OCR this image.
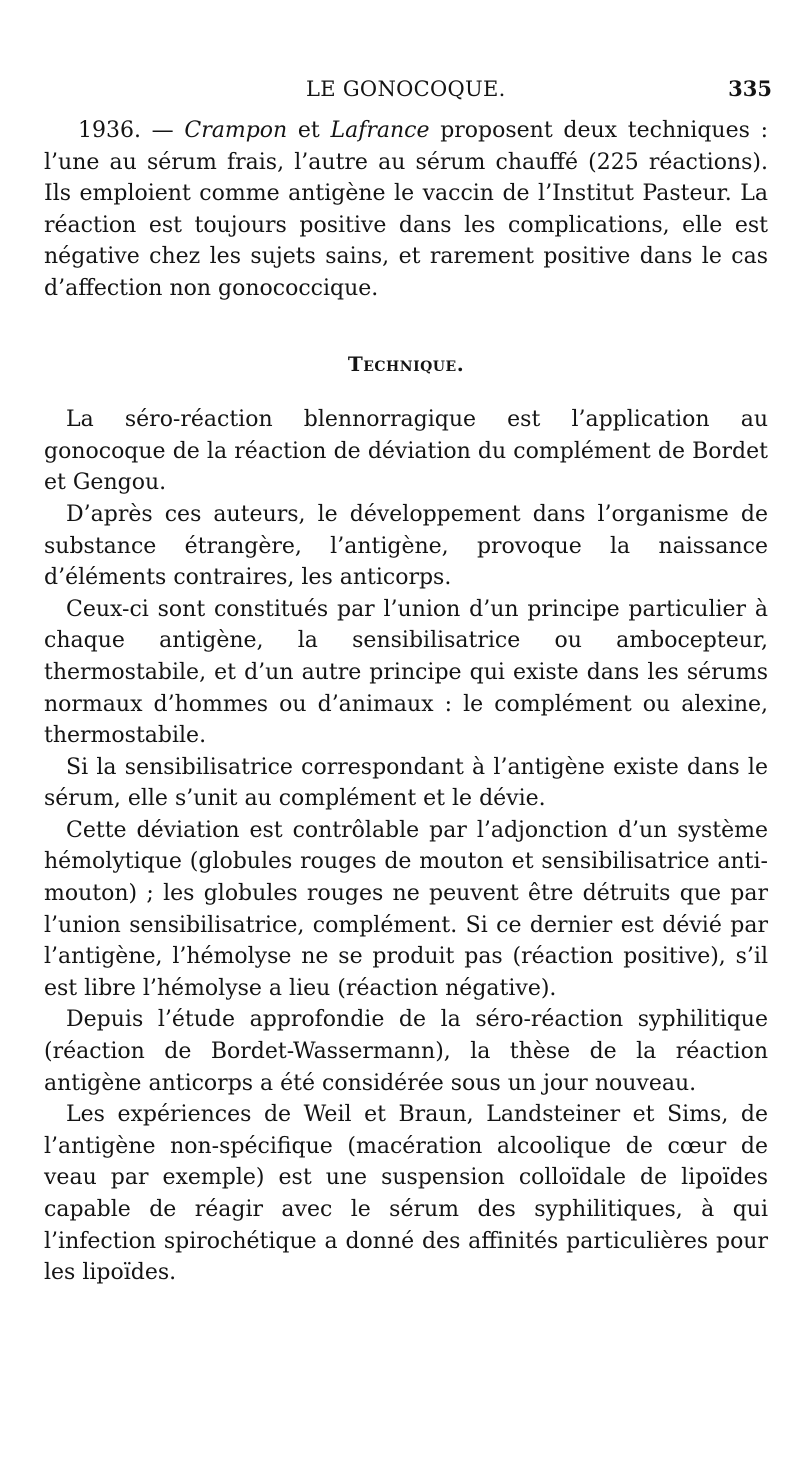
LE GONOCOQUE.	335

1936. — Crampon et Lafrance proposent deux techniques : l’une au sérum frais, l’autre au sérum chauffé (225 réactions). Ils emploient comme antigène le vaccin de l’Institut Pasteur. La réaction est toujours positive dans les complications, elle est négative chez les sujets sains, et rarement positive dans le cas d’affection non gonococcique.

Technique.

La séro-réaction blennorragique est l’application au gonocoque de la réaction de déviation du complément de Bordet et Gengou.

D’après ces auteurs, le développement dans l’organisme de substance étrangère, l’antigène, provoque la naissance d’éléments contraires, les anticorps.

Ceux-ci sont constitués par l’union d’un principe particulier à chaque antigène, la sensibilisatrice ou ambocepteur, thermostabile, et d’un autre principe qui existe dans les sérums normaux d’hommes ou d’animaux : le complément ou alexine, thermostabile.

Si la sensibilisatrice correspondant à l’antigène existe dans le sérum, elle s’unit au complément et le dévie.

Cette déviation est contrôlable par l’adjonction d’un système hémolytique (globules rouges de mouton et sensibilisatrice anti-mouton) ; les globules rouges ne peuvent être détruits que par l’union sensibilisatrice, complément. Si ce dernier est dévié par l’antigène, l’hémolyse ne se produit pas (réaction positive), s’il est libre l’hémolyse a lieu (réaction négative).

Depuis l’étude approfondie de la séro-réaction syphilitique (réaction de Bordet-Wassermann), la thèse de la réaction antigène anticorps a été considérée sous un jour nouveau.

Les expériences de Weil et Braun, Landsteiner et Sims, de l’antigène non-spécifique (macération alcoolique de cœur de veau par exemple) est une suspension colloïdale de lipoïdes capable de réagir avec le sérum des syphilitiques, à qui l’infection spirochétique a donné des affinités particulières pour les lipoïdes.
